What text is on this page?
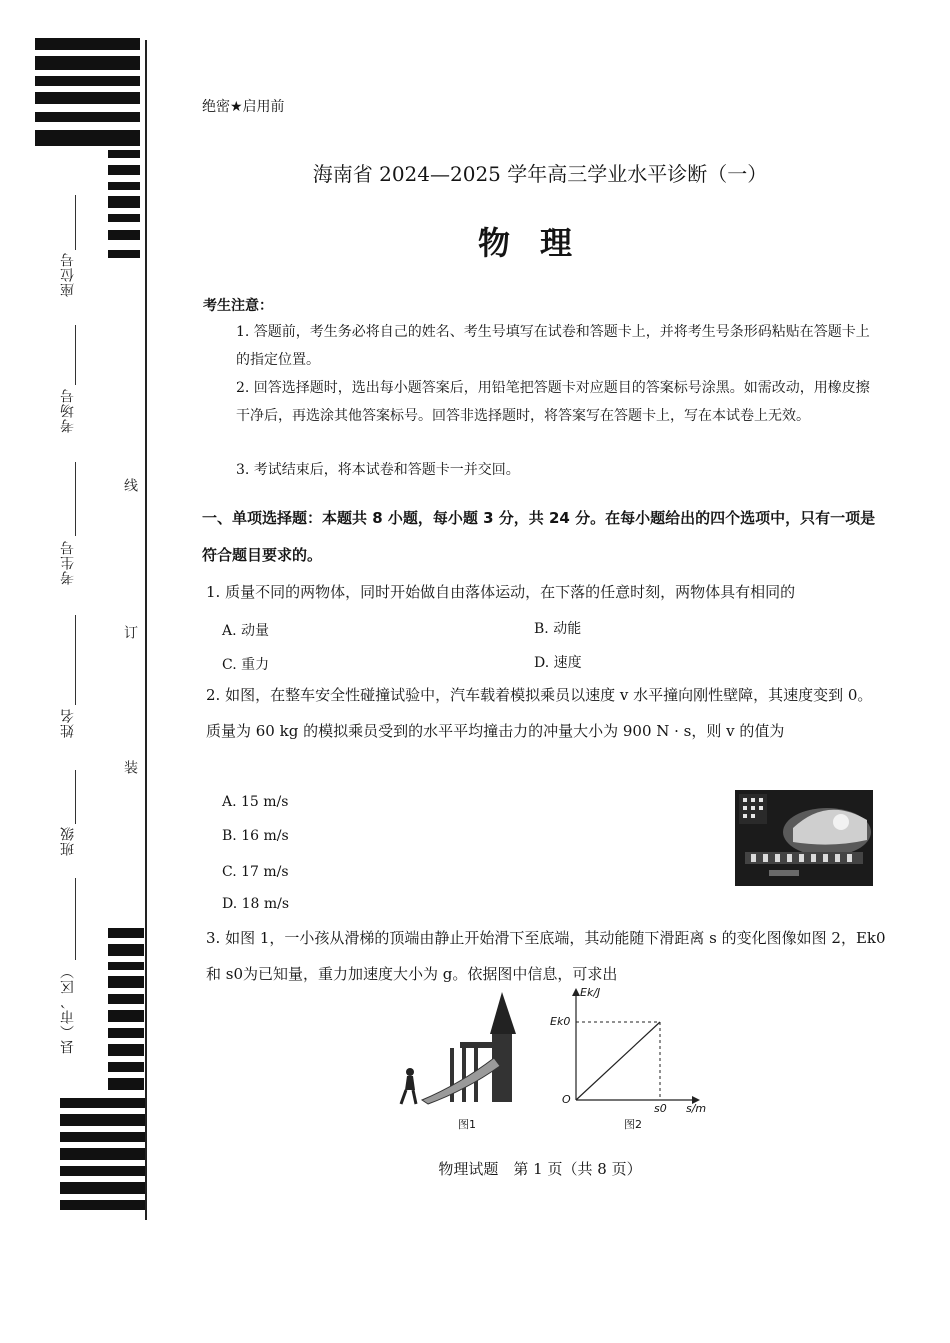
座位号
考场号
考生号
姓名
班级
县（市、区）
线
订
装
绝密★启用前
海南省 2024—2025 学年高三学业水平诊断（一）
物理
考生注意：
1. 答题前，考生务必将自己的姓名、考生号填写在试卷和答题卡上，并将考生号条形码粘贴在答题卡上的指定位置。
2. 回答选择题时，选出每小题答案后，用铅笔把答题卡对应题目的答案标号涂黑。如需改动，用橡皮擦干净后，再选涂其他答案标号。回答非选择题时，将答案写在答题卡上，写在本试卷上无效。
3. 考试结束后，将本试卷和答题卡一并交回。
一、单项选择题：本题共 8 小题，每小题 3 分，共 24 分。在每小题给出的四个选项中，只有一项是符合题目要求的。
1. 质量不同的两物体，同时开始做自由落体运动，在下落的任意时刻，两物体具有相同的
A. 动量	B. 动能
C. 重力	D. 速度
2. 如图，在整车安全性碰撞试验中，汽车载着模拟乘员以速度 v 水平撞向刚性壁障，其速度变到 0。质量为 60 kg 的模拟乘员受到的水平平均撞击力的冲量大小为 900 N · s，则 v 的值为
A. 15 m/s
B. 16 m/s
C. 17 m/s
D. 18 m/s
3. 如图 1，一小孩从滑梯的顶端由静止开始滑下至底端，其动能随下滑距离 s 的变化图像如图 2，Ek0和 s0为已知量，重力加速度大小为 g。依据图中信息，可求出
图1
Ek/J
Ek0
O
s0 s/m
图2
物理试题　第 1 页（共 8 页）
